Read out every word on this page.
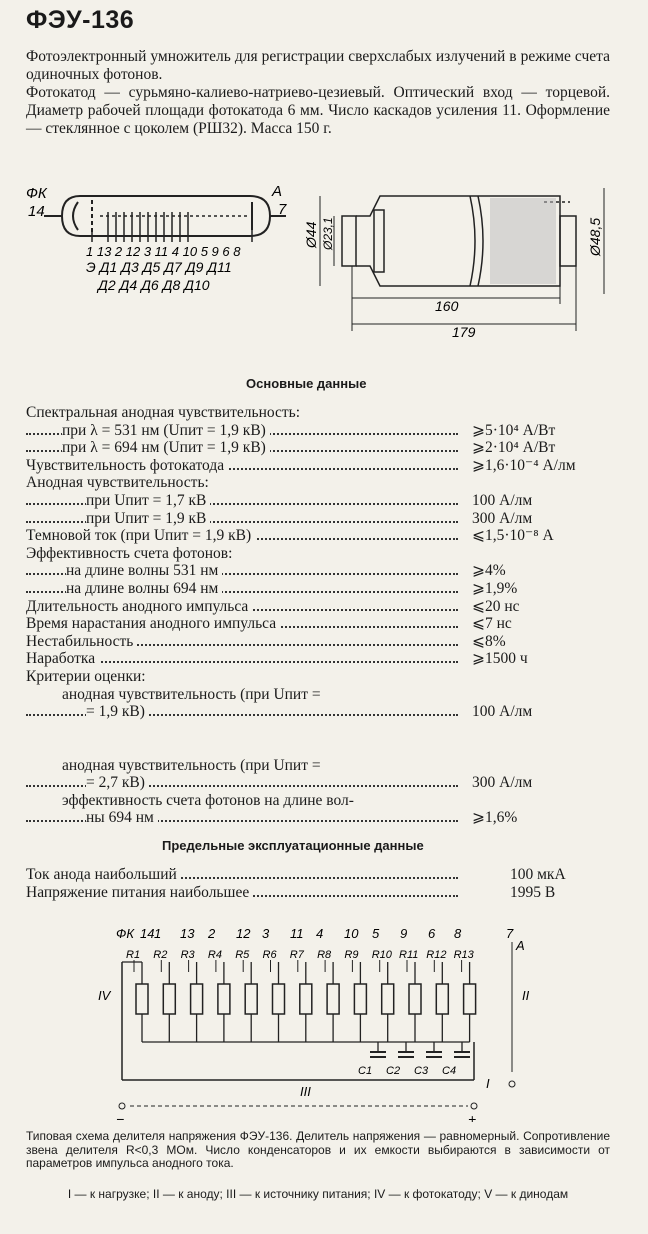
ФЭУ-136

Фотоэлектронный умножитель для регистрации сверхслабых излучений в режиме счета одиночных фотонов.

Фотокатод — сурьмяно-калиево-натриево-цезиевый. Оптический вход — торцевой. Диаметр рабочей площади фотокатода 6 мм. Число каскадов усиления 11. Оформление — стеклянное с цоколем (РШ32). Масса 150 г.

ФК
14
А
7
1 13 2 12 3 11 4 10 5 9 6 8
Э Д1 Д3 Д5 Д7 Д9 Д11
Д2 Д4 Д6 Д8 Д10
Ø44 Ø23,1	Ø48,5
160
179
Основные данные
Спектральная анодная чувствительность:
при λ = 531 нм (Uпит = 1,9 кВ)	⩾5·10⁴ А/Вт
при λ = 694 нм (Uпит = 1,9 кВ)	⩾2·10⁴ А/Вт
Чувствительность фотокатода	⩾1,6·10⁻⁴ А/лм
Анодная чувствительность:
при Uпит = 1,7 кВ	100 А/лм
при Uпит = 1,9 кВ	300 А/лм
Темновой ток (при Uпит = 1,9 кВ)	⩽1,5·10⁻⁸ А
Эффективность счета фотонов:
на длине волны 531 нм	⩾4%
на длине волны 694 нм	⩾1,9%
Длительность анодного импульса	⩽20 нс
Время нарастания анодного импульса	⩽7 нс
Нестабильность	⩽8%
Наработка	⩾1500 ч
Критерии оценки:
анодная чувствительность (при Uпит =
= 1,9 кВ)	100 А/лм
анодная чувствительность (при Uпит =
= 2,7 кВ)	300 А/лм
эффективность счета фотонов на длине вол-
ны 694 нм	⩾1,6%
Предельные эксплуатационные данные
Ток анода наибольший	100 мкА
Напряжение питания наибольшее	1995 В
ФК 14 1 13 2 12 3 11 4 10 5 9 6 8	7
R1 R2 R3 R4 R5 R6 R7 R8 R9 R10 R11 R12 R13
C1 C2 C3 C4
IV	II
III
I
А
−	+

Типовая схема делителя напряжения ФЭУ-136. Делитель напряжения — равномерный. Сопротивление звена делителя R<0,3 МОм. Число конденсаторов и их емкости выбираются в зависимости от параметров импульса анодного тока.

I — к нагрузке; II — к аноду; III — к источнику питания; IV — к фотокатоду; V — к динодам
